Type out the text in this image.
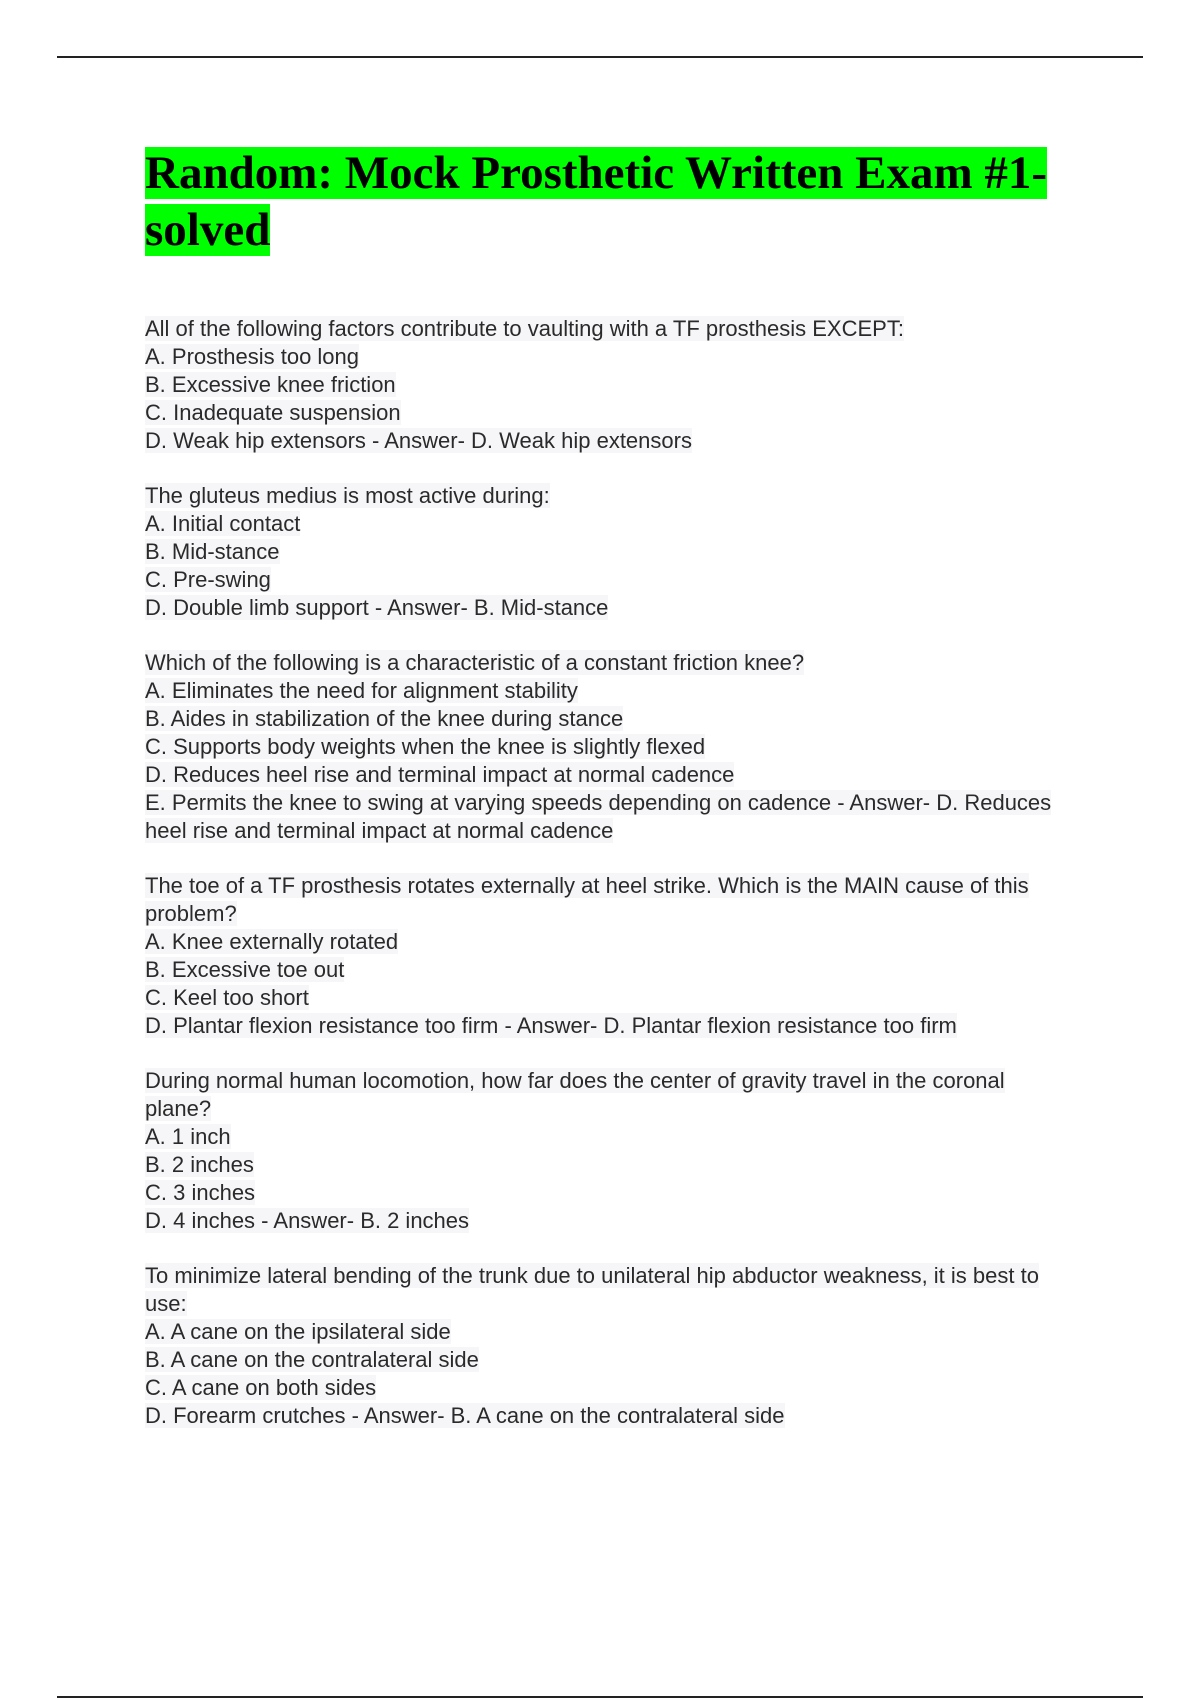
Random: Mock Prosthetic Written Exam #1-solved

All of the following factors contribute to vaulting with a TF prosthesis EXCEPT:

A. Prosthesis too long

B. Excessive knee friction

C. Inadequate suspension

D. Weak hip extensors - Answer- D. Weak hip extensors

The gluteus medius is most active during:

A. Initial contact

B. Mid-stance

C. Pre-swing

D. Double limb support - Answer- B. Mid-stance

Which of the following is a characteristic of a constant friction knee?

A. Eliminates the need for alignment stability

B. Aides in stabilization of the knee during stance

C. Supports body weights when the knee is slightly flexed

D. Reduces heel rise and terminal impact at normal cadence

E. Permits the knee to swing at varying speeds depending on cadence - Answer- D. Reduces heel rise and terminal impact at normal cadence

The toe of a TF prosthesis rotates externally at heel strike. Which is the MAIN cause of this problem?

A. Knee externally rotated

B. Excessive toe out

C. Keel too short

D. Plantar flexion resistance too firm - Answer- D. Plantar flexion resistance too firm

During normal human locomotion, how far does the center of gravity travel in the coronal plane?

A. 1 inch

B. 2 inches

C. 3 inches

D. 4 inches - Answer- B. 2 inches

To minimize lateral bending of the trunk due to unilateral hip abductor weakness, it is best to use:

A. A cane on the ipsilateral side

B. A cane on the contralateral side

C. A cane on both sides

D. Forearm crutches - Answer- B. A cane on the contralateral side
